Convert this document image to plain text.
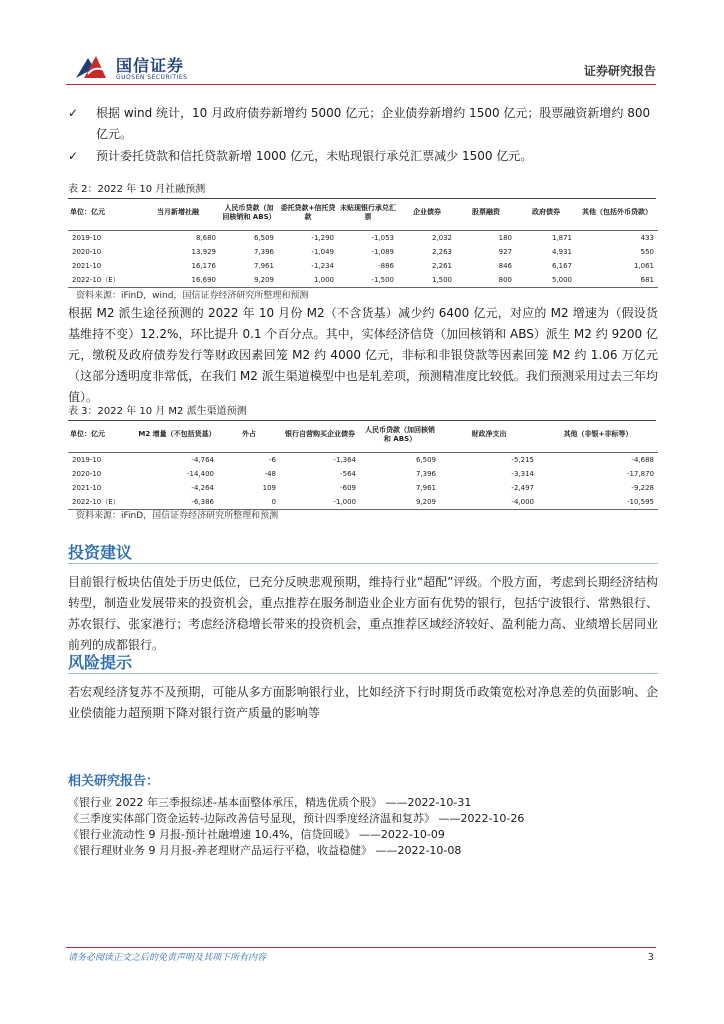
国信证券
GUOSEN SECURITIES	证券研究报告
✓ 根据 wind 统计，10 月政府债券新增约 5000 亿元；企业债券新增约 1500 亿元；股票融资新增约 800 亿元。
✓ 预计委托贷款和信托贷款新增 1000 亿元，未贴现银行承兑汇票减少 1500 亿元。
表 2：2022 年 10 月社融预测
单位：亿元	当月新增社融	人民币贷款（加回核销和 ABS）	委托贷款+信托贷款	未贴现银行承兑汇票	企业债券	股票融资	政府债券	其他（包括外币贷款）
2019-10	8,680	6,509	-1,290	-1,053	2,032	180	1,871	433
2020-10	13,929	7,396	-1,049	-1,089	2,263	927	4,931	550
2021-10	16,176	7,961	-1,234	-886	2,261	846	6,167	1,061
2022-10（E）	16,690	9,209	1,000	-1,500	1,500	800	5,000	681
资料来源：iFinD，wind，国信证券经济研究所整理和预测
根据 M2 派生途径预测的 2022 年 10 月份 M2（不含货基）减少约 6400 亿元，对应的 M2 增速为（假设货基维持不变）12.2%，环比提升 0.1 个百分点。其中，实体经济信贷（加回核销和 ABS）派生 M2 约 9200 亿元，缴税及政府债券发行等财政因素回笼 M2 约 4000 亿元，非标和非银贷款等因素回笼 M2 约 1.06 万亿元（这部分透明度非常低，在我们 M2 派生渠道模型中也是轧差项，预测精准度比较低。我们预测采用过去三年均值）。
表 3：2022 年 10 月 M2 派生渠道预测
单位：亿元	M2 增量（不包括货基）	外占	银行自营购买企业债券	人民币贷款（加回核销和 ABS）	财政净支出	其他（非银+非标等）
2019-10	-4,764	-6	-1,364	6,509	-5,215	-4,688
2020-10	-14,400	-48	-564	7,396	-3,314	-17,870
2021-10	-4,264	109	-609	7,961	-2,497	-9,228
2022-10（E）	-6,386	0	-1,000	9,209	-4,000	-10,595
资料来源：iFinD，国信证券经济研究所整理和预测
投资建议
目前银行板块估值处于历史低位，已充分反映悲观预期，维持行业“超配”评级。个股方面，考虑到长期经济结构转型，制造业发展带来的投资机会，重点推荐在服务制造业企业方面有优势的银行，包括宁波银行、常熟银行、苏农银行、张家港行；考虑经济稳增长带来的投资机会，重点推荐区域经济较好、盈利能力高、业绩增长居同业前列的成都银行。
风险提示
若宏观经济复苏不及预期，可能从多方面影响银行业，比如经济下行时期货币政策宽松对净息差的负面影响、企业偿债能力超预期下降对银行资产质量的影响等
相关研究报告：
《银行业 2022 年三季报综述-基本面整体承压，精选优质个股》 ——2022-10-31
《三季度实体部门资金运转-边际改善信号显现，预计四季度经济温和复苏》 ——2022-10-26
《银行业流动性 9 月报-预计社融增速 10.4%，信贷回暖》 ——2022-10-09
《银行理财业务 9 月月报-养老理财产品运行平稳，收益稳健》 ——2022-10-08
请务必阅读正文之后的免责声明及其项下所有内容	3
